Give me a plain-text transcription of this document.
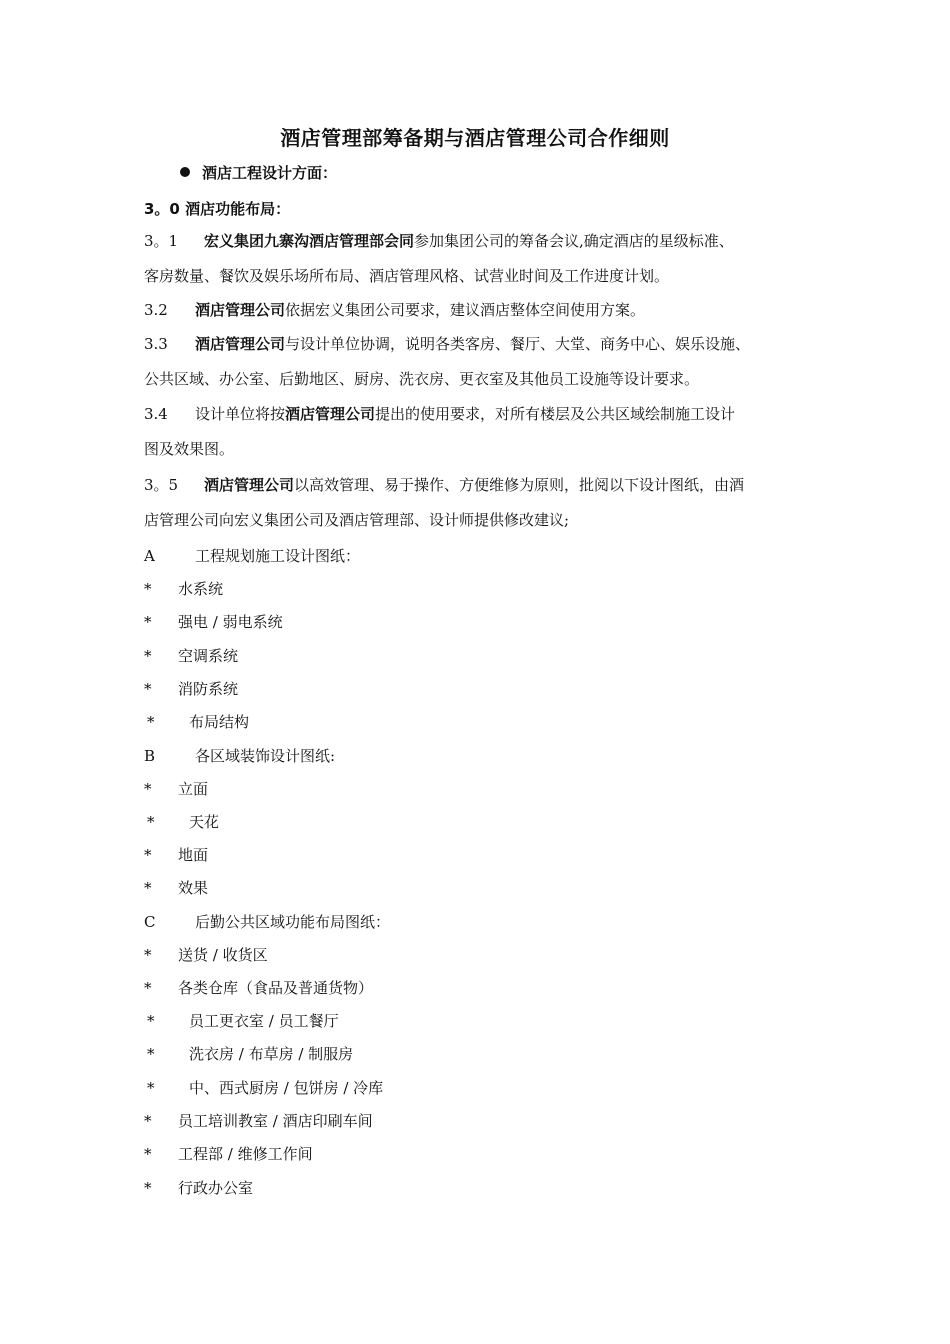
酒店管理部筹备期与酒店管理公司合作细则
酒店工程设计方面：
3。0 酒店功能布局：
3。1 宏义集团九寨沟酒店管理部会同参加集团公司的筹备会议,确定酒店的星级标准、
客房数量、餐饮及娱乐场所布局、酒店管理风格、试营业时间及工作进度计划。
3.2 酒店管理公司依据宏义集团公司要求，建议酒店整体空间使用方案。
3.3 酒店管理公司与设计单位协调，说明各类客房、餐厅、大堂、商务中心、娱乐设施、
公共区域、办公室、后勤地区、厨房、洗衣房、更衣室及其他员工设施等设计要求。
3.4 设计单位将按酒店管理公司提出的使用要求，对所有楼层及公共区域绘制施工设计
图及效果图。
3。5 酒店管理公司以高效管理、易于操作、方便维修为原则，批阅以下设计图纸，由酒
店管理公司向宏义集团公司及酒店管理部、设计师提供修改建议;
A	工程规划施工设计图纸：
* 水系统
* 强电 / 弱电系统
* 空调系统
* 消防系统
* 布局结构
B	各区域装饰设计图纸:
* 立面
* 天花
* 地面
* 效果
C	后勤公共区域功能布局图纸：
* 送货 / 收货区
* 各类仓库（食品及普通货物）
* 员工更衣室 / 员工餐厅
* 洗衣房 / 布草房 / 制服房
* 中、西式厨房 / 包饼房 / 冷库
* 员工培训教室 / 酒店印刷车间
* 工程部 / 维修工作间
* 行政办公室
